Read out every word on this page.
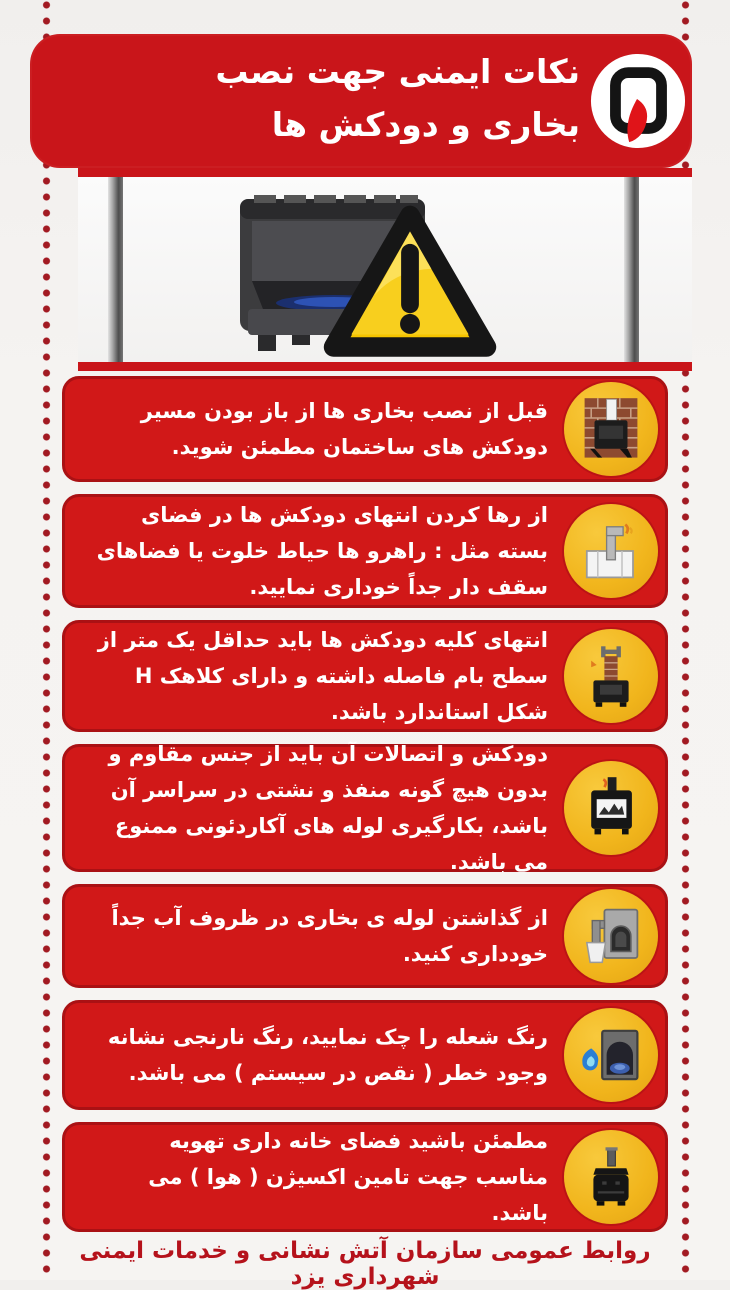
نکات ایمنی جهت نصب
بخاری و دودکش ها

قبل از نصب بخاری ها از باز بودن مسیر دودکش های ساختمان مطمئن شوید.

از رها کردن انتهای دودکش ها در فضای بسته مثل : راهرو ها حیاط خلوت یا فضاهای سقف دار جداً خوداری نمایید.

انتهای کلیه دودکش ها باید حداقل یک متر از سطح بام فاصله داشته و دارای کلاهک H شکل استاندارد باشد.

دودکش و اتصالات آن باید از جنس مقاوم و بدون هیچ گونه منفذ و نشتی در سراسر آن باشد، بکارگیری لوله های آکاردئونی ممنوع می باشد.

از گذاشتن لوله ی بخاری در ظروف آب جداً خودداری کنید.

رنگ شعله را چک نمایید، رنگ نارنجی نشانه وجود خطر ( نقص در سیستم ) می باشد.

مطمئن باشید فضای خانه داری تهویه مناسب جهت تامین اکسیژن ( هوا ) می باشد.

روابط عمومی سازمان آتش نشانی و خدمات ایمنی شهرداری یزد
